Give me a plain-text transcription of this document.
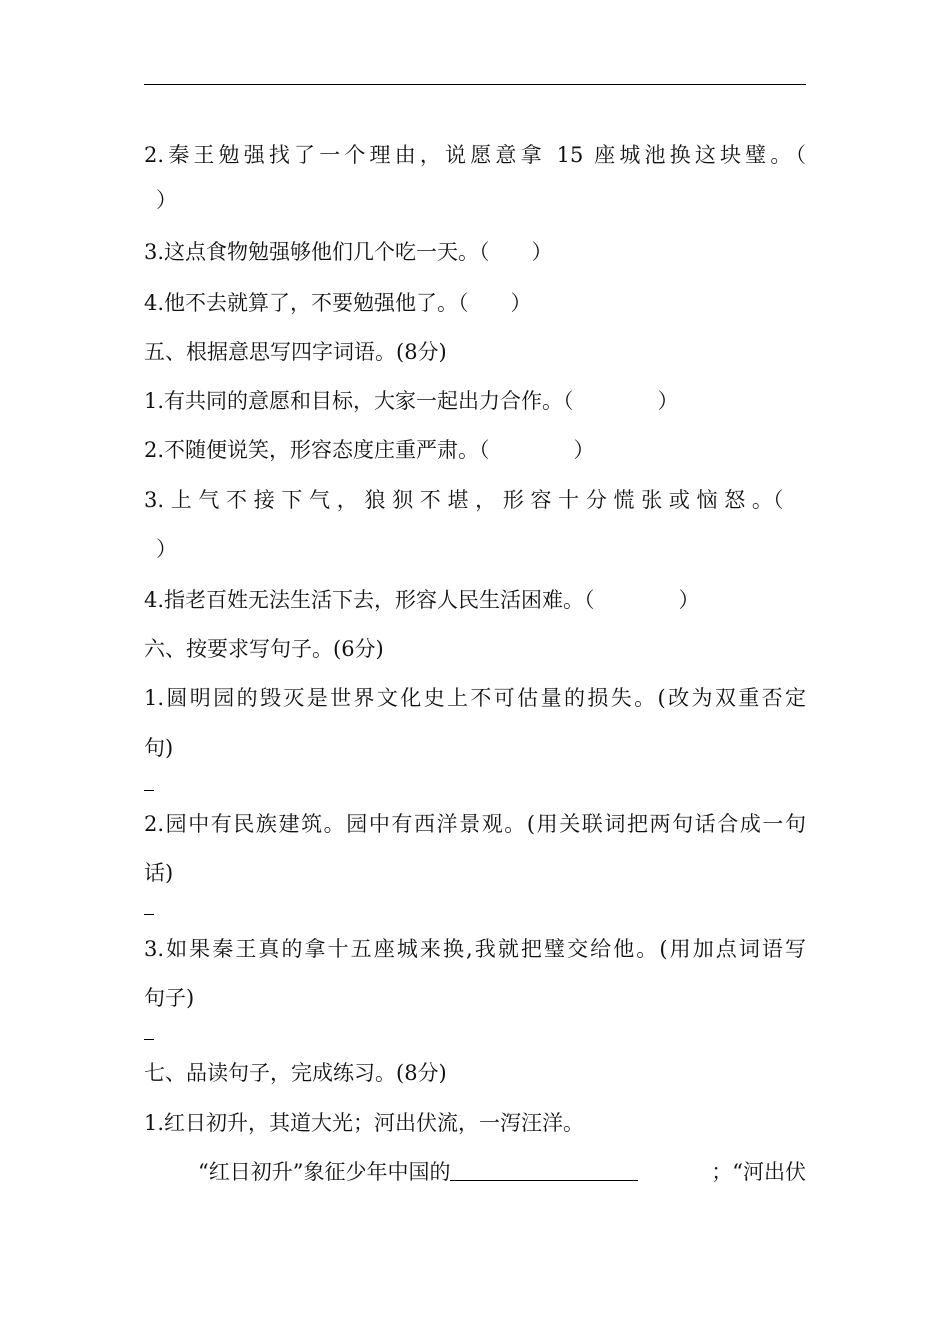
2.秦王勉强找了一个理由，说愿意拿 15 座城池换这块璧。（
）
3.这点食物勉强够他们几个吃一天。（　　）
4.他不去就算了，不要勉强他了。（　　）
五、根据意思写四字词语。(8分)
1.有共同的意愿和目标，大家一起出力合作。（　　　　）
2.不随便说笑，形容态度庄重严肃。（　　　　）
3. 上 气 不 接 下 气 ， 狼 狈 不 堪 ， 形 容 十 分 慌 张 或 恼 怒 。（
）
4.指老百姓无法生活下去，形容人民生活困难。（　　　　）
六、按要求写句子。(6分)
1.圆明园的毁灭是世界文化史上不可估量的损失。(改为双重否定
句)
2.园中有民族建筑。园中有西洋景观。(用关联词把两句话合成一句
话)
3.如果秦王真的拿十五座城来换,我就把璧交给他。(用加点词语写
句子)
七、品读句子，完成练习。(8分)
1.红日初升，其道大光；河出伏流，一泻汪洋。
“红日初升”象征少年中国的	；“河出伏
